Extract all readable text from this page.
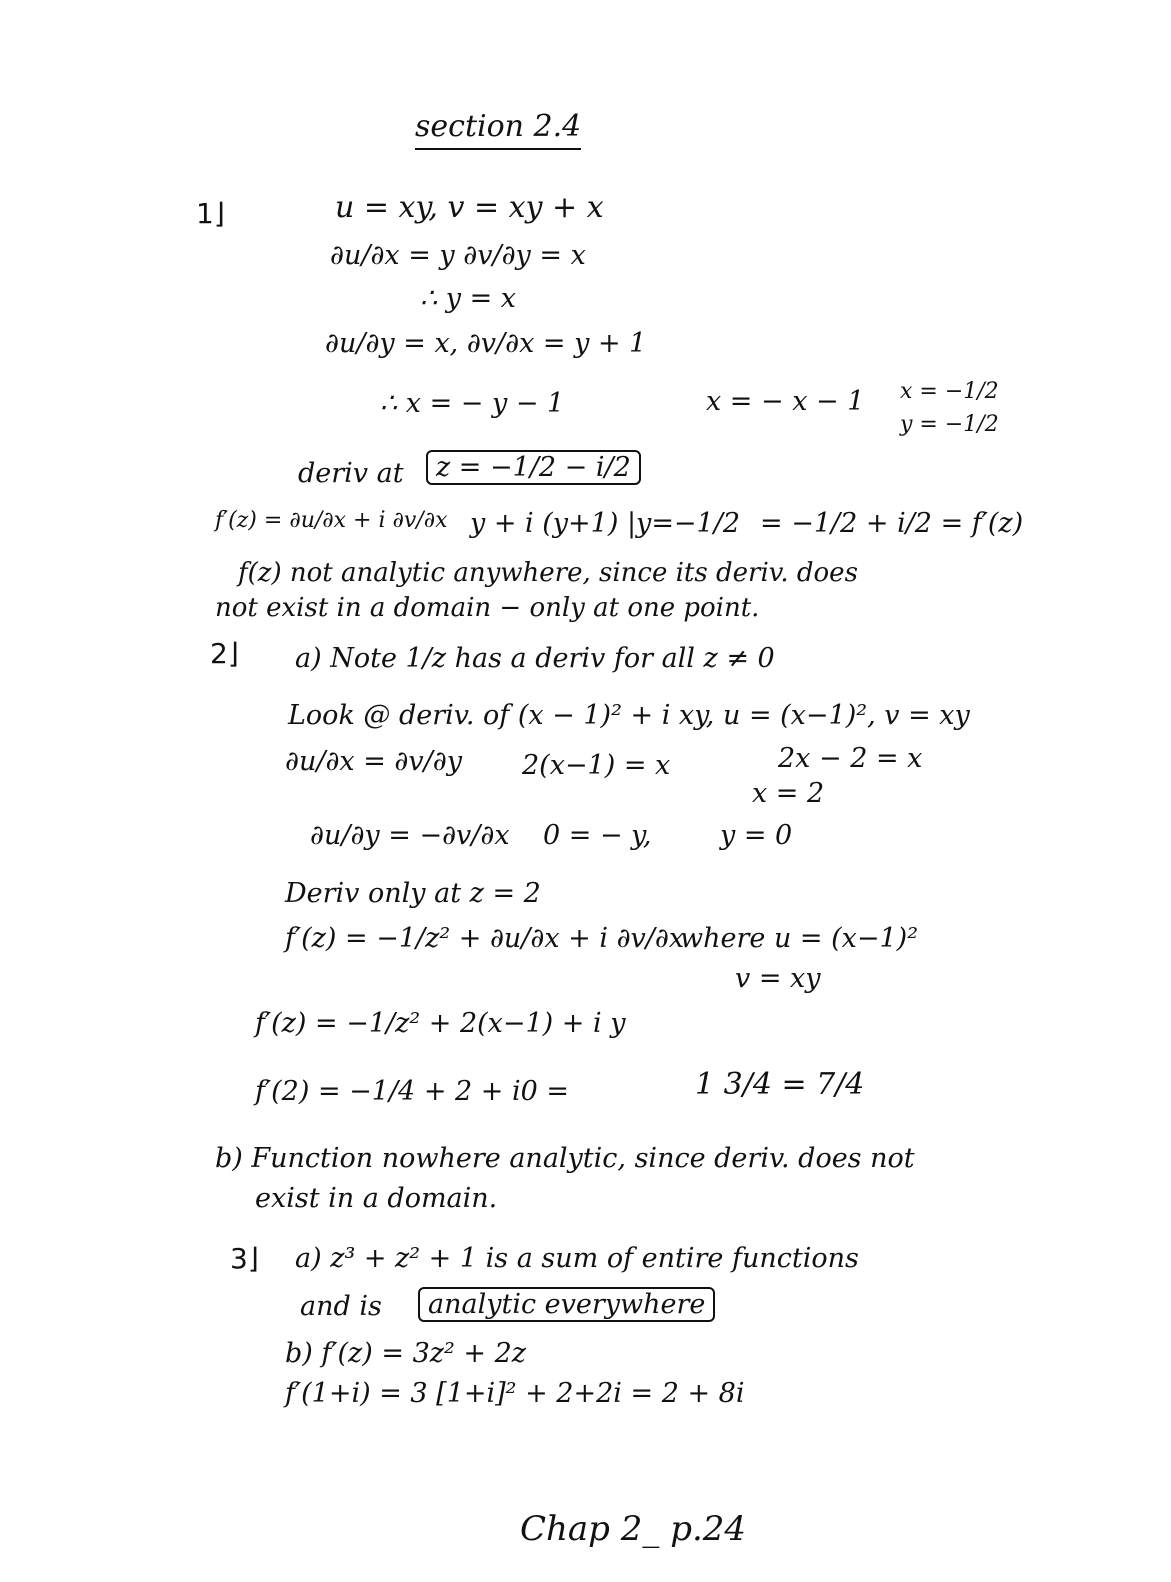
section 2.4
1⌋	u = xy, v = xy + x
∂u/∂x = y ∂v/∂y = x
∴ y = x
∂u/∂y = x, ∂v/∂x = y + 1
∴ x = − y − 1	x = − x − 1 x = −1/2
y = −1/2
deriv at	z = −1/2 − i/2
f′(z) = ∂u/∂x + i ∂v/∂x y + i (y+1) |y=−1/2 = −1/2 + i/2 = f′(z)
f(z) not analytic anywhere, since its deriv. does
not exist in a domain − only at one point.
2⌋ a) Note 1/z has a deriv for all z ≠ 0
Look @ deriv. of (x − 1)² + i xy, u = (x−1)², v = xy
∂u/∂x = ∂v/∂y 2(x−1) = x	2x − 2 = x
x = 2
∂u/∂y = −∂v/∂x 0 = − y,	y = 0
Deriv only at z = 2
f′(z) = −1/z² + ∂u/∂x + i ∂v/∂x
where u = (x−1)²
v = xy
f′(z) = −1/z² + 2(x−1) + i y
f′(2) = −1/4 + 2 + i0 =	1 3/4 = 7/4
b) Function nowhere analytic, since deriv. does not
exist in a domain.
3⌋ a) z³ + z² + 1 is a sum of entire functions
and is	analytic everywhere
b) f′(z) = 3z² + 2z
f′(1+i) = 3 [1+i]² + 2+2i = 2 + 8i
Chap 2_ p.24
